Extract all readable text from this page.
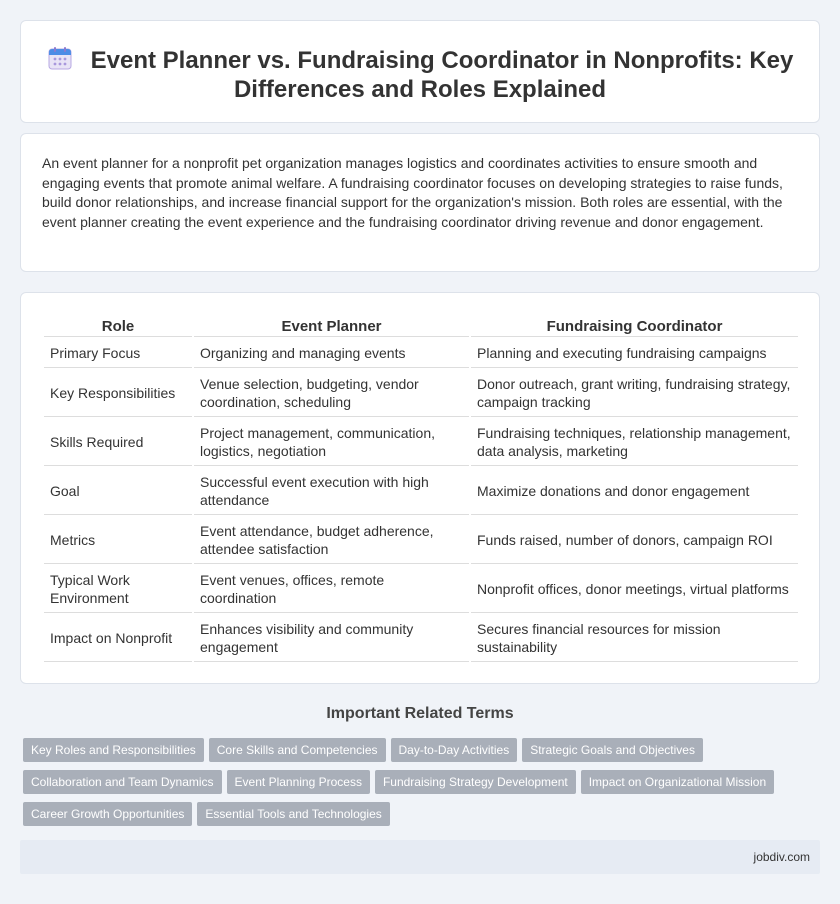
Event Planner vs. Fundraising Coordinator in Nonprofits: Key Differences and Roles Explained

An event planner for a nonprofit pet organization manages logistics and coordinates activities to ensure smooth and engaging events that promote animal welfare. A fundraising coordinator focuses on developing strategies to raise funds, build donor relationships, and increase financial support for the organization's mission. Both roles are essential, with the event planner creating the event experience and the fundraising coordinator driving revenue and donor engagement.

Role	Event Planner	Fundraising Coordinator
Primary Focus	Organizing and managing events	Planning and executing fundraising campaigns
Key Responsibilities	Venue selection, budgeting, vendor coordination, scheduling	Donor outreach, grant writing, fundraising strategy, campaign tracking
Skills Required	Project management, communication, logistics, negotiation	Fundraising techniques, relationship management, data analysis, marketing
Goal	Successful event execution with high attendance	Maximize donations and donor engagement
Metrics	Event attendance, budget adherence, attendee satisfaction	Funds raised, number of donors, campaign ROI
Typical Work Environment	Event venues, offices, remote coordination	Nonprofit offices, donor meetings, virtual platforms
Impact on Nonprofit	Enhances visibility and community engagement	Secures financial resources for mission sustainability
Important Related Terms
Key Roles and Responsibilities Core Skills and Competencies Day-to-Day Activities Strategic Goals and Objectives
Collaboration and Team Dynamics Event Planning Process Fundraising Strategy Development Impact on Organizational Mission
Career Growth Opportunities Essential Tools and Technologies
jobdiv.com
